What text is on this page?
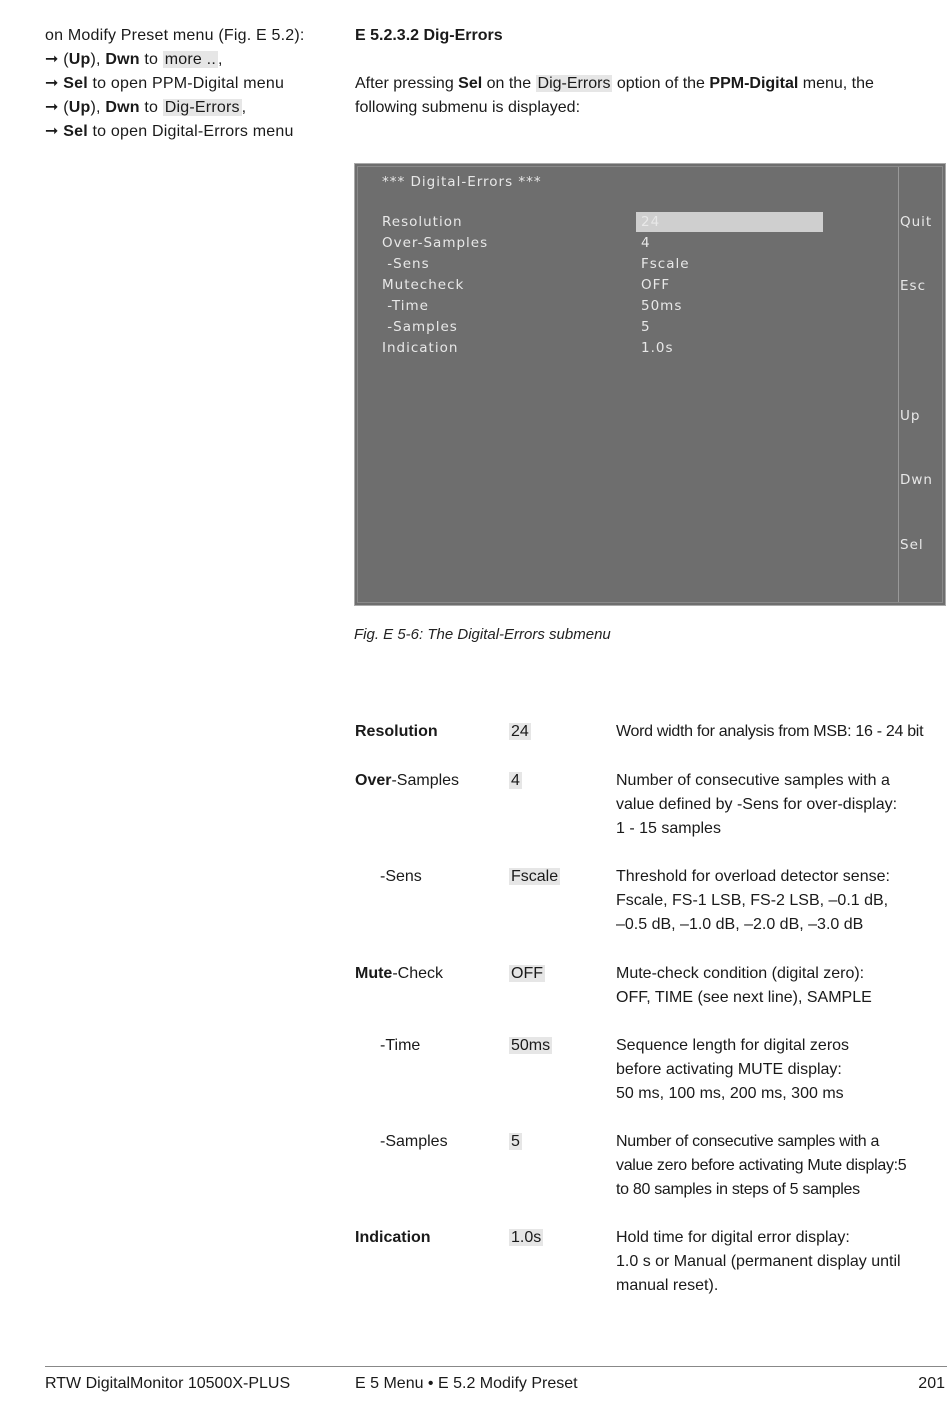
on Modify Preset menu (Fig. E 5.2):
➞ (Up), Dwn to more .. ,
➞ Sel to open PPM-Digital menu
➞ (Up), Dwn to Dig-Errors ,
➞ Sel to open Digital-Errors menu
E 5.2.3.2 Dig-Errors
After pressing Sel on the Dig-Errors option of the PPM-Digital menu, the
following submenu is displayed:
*** Digital-Errors ***
Resolution	24
Over-Samples	4
-Sens	Fscale
Mutecheck	OFF
-Time	50ms
-Samples	5
Indication	1.0s
Quit
Esc
Up
Dwn
Sel
Fig. E 5-6: The Digital-Errors submenu
Resolution	24	Word width for analysis from MSB: 16 - 24 bit
Over-Samples	4	Number of consecutive samples with a
value defined by -Sens for over-display:
1 - 15 samples
-Sens	Fscale	Threshold for overload detector sense:
Fscale, FS-1 LSB, FS-2 LSB, –0.1 dB,
–0.5 dB, –1.0 dB, –2.0 dB, –3.0 dB
Mute-Check	OFF	Mute-check condition (digital zero):
OFF, TIME (see next line), SAMPLE
-Time	50ms	Sequence length for digital zeros
before activating MUTE display:
50 ms, 100 ms, 200 ms, 300 ms
-Samples	5	Number of consecutive samples with a
value zero before activating Mute display:5
to 80 samples in steps of 5 samples
Indication	1.0s	Hold time for digital error display:
1.0 s or Manual (permanent display until
manual reset).
RTW DigitalMonitor 10500X-PLUS	E 5 Menu • E 5.2 Modify Preset	201
